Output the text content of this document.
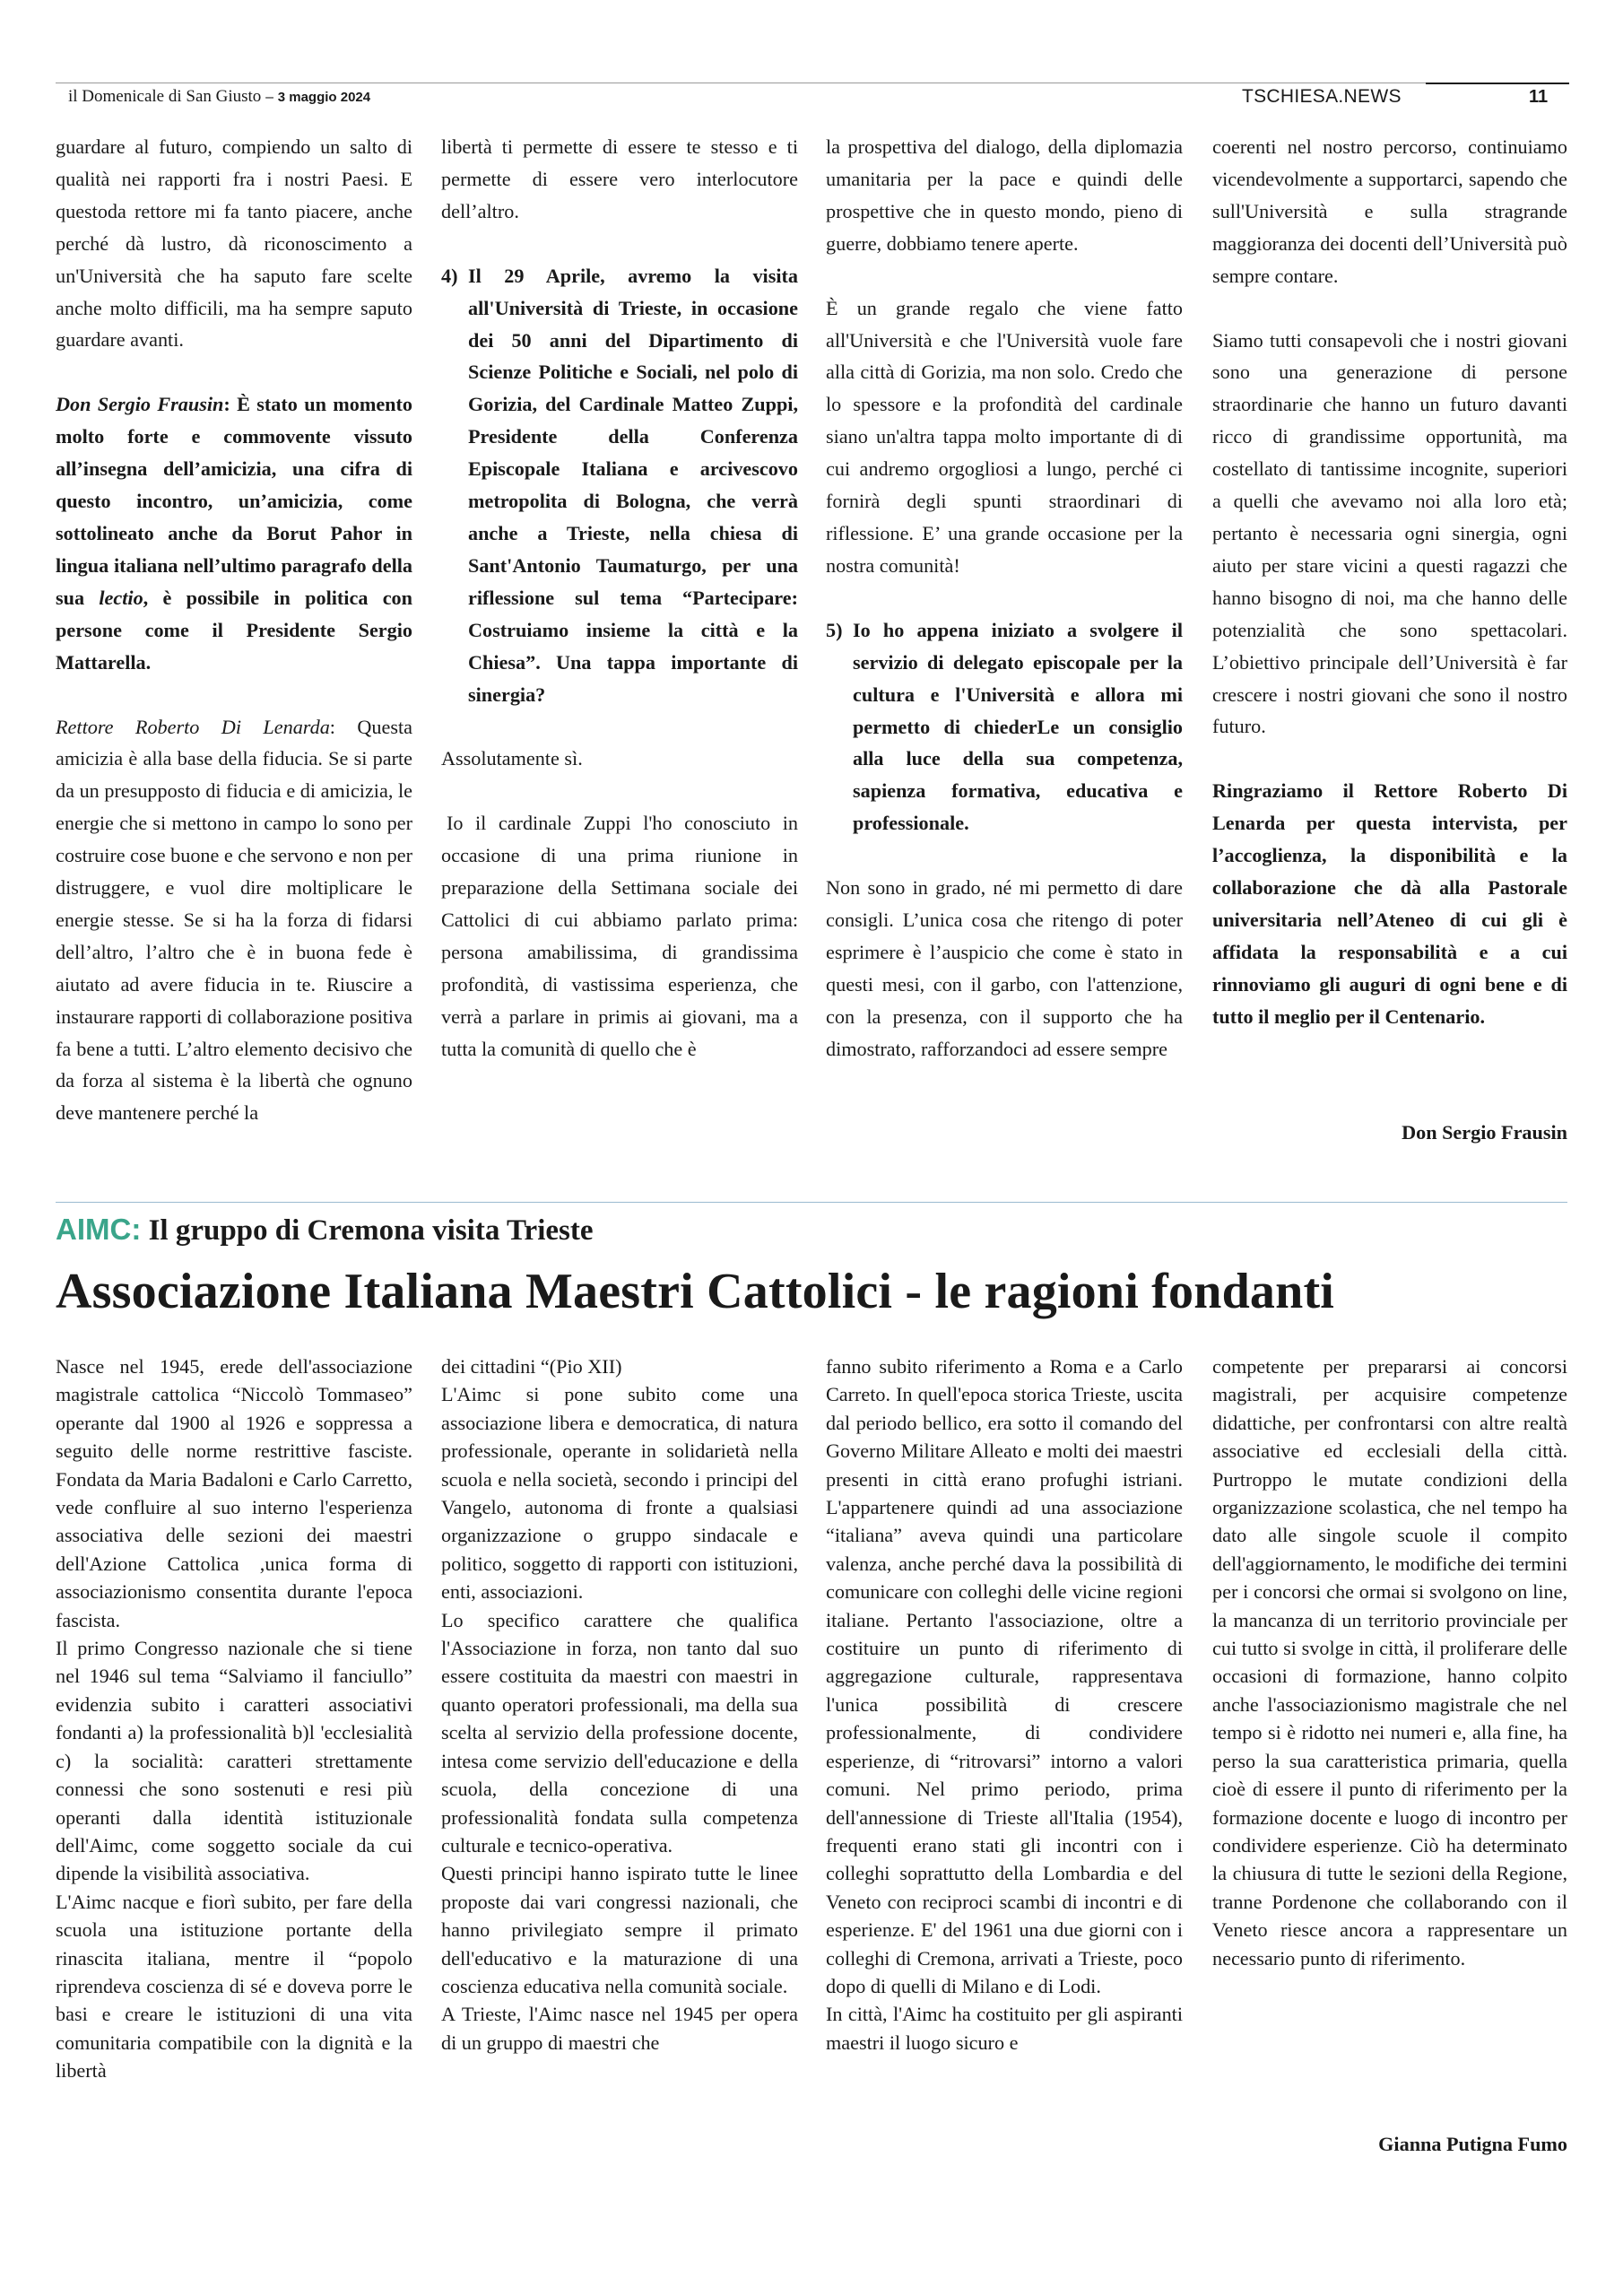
il Domenicale di San Giusto – 3 maggio 2024	TSCHIESA.NEWS	11

guardare al futuro, compiendo un salto di qualità nei rapporti fra i nostri Paesi. E questoda rettore mi fa tanto piacere, anche perché dà lustro, dà riconoscimento a un'Università che ha saputo fare scelte anche molto difficili, ma ha sempre saputo guardare avanti.

Don Sergio Frausin: È stato un momento molto forte e commovente vissuto all’insegna dell’amicizia, una cifra di questo incontro, un’amicizia, come sottolineato anche da Borut Pahor in lingua italiana nell’ultimo paragrafo della sua lectio, è possibile in politica con persone come il Presidente Sergio Mattarella.

Rettore Roberto Di Lenarda: Questa amicizia è alla base della fiducia. Se si parte da un presupposto di fiducia e di amicizia, le energie che si mettono in campo lo sono per costruire cose buone e che servono e non per distruggere, e vuol dire moltiplicare le energie stesse. Se si ha la forza di fidarsi dell’altro, l’altro che è in buona fede è aiutato ad avere fiducia in te. Riuscire a instaurare rapporti di collaborazione positiva fa bene a tutti. L’altro elemento decisivo che da forza al sistema è la libertà che ognuno deve mantenere perché la

libertà ti permette di essere te stesso e ti permette di essere vero interlocutore dell’altro.

4) Il 29 Aprile, avremo la visita all'Università di Trieste, in occasione dei 50 anni del Dipartimento di Scienze Politiche e Sociali, nel polo di Gorizia, del Cardinale Matteo Zuppi, Presidente della Conferenza Episcopale Italiana e arcivescovo metropolita di Bologna, che verrà anche a Trieste, nella chiesa di Sant'Antonio Taumaturgo, per una riflessione sul tema “Partecipare: Costruiamo insieme la città e la Chiesa”. Una tappa importante di sinergia?

Assolutamente sì.

Io il cardinale Zuppi l'ho conosciuto in occasione di una prima riunione in preparazione della Settimana sociale dei Cattolici di cui abbiamo parlato prima: persona amabilissima, di grandissima profondità, di vastissima esperienza, che verrà a parlare in primis ai giovani, ma a tutta la comunità di quello che è

la prospettiva del dialogo, della diplomazia umanitaria per la pace e quindi delle prospettive che in questo mondo, pieno di guerre, dobbiamo tenere aperte.

È un grande regalo che viene fatto all'Università e che l'Università vuole fare alla città di Gorizia, ma non solo. Credo che lo spessore e la profondità del cardinale siano un'altra tappa molto importante di di cui andremo orgogliosi a lungo, perché ci fornirà degli spunti straordinari di riflessione. E’ una grande occasione per la nostra comunità!

5) Io ho appena iniziato a svolgere il servizio di delegato episcopale per la cultura e l'Università e allora mi permetto di chiederLe un consiglio alla luce della sua competenza, sapienza formativa, educativa e professionale.

Non sono in grado, né mi permetto di dare consigli. L’unica cosa che ritengo di poter esprimere è l’auspicio che come è stato in questi mesi, con il garbo, con l'attenzione, con la presenza, con il supporto che ha dimostrato, rafforzandoci ad essere sempre

coerenti nel nostro percorso, continuiamo vicendevolmente a supportarci, sapendo che sull'Università e sulla stragrande maggioranza dei docenti dell’Università può sempre contare.

Siamo tutti consapevoli che i nostri giovani sono una generazione di persone straordinarie che hanno un futuro davanti ricco di grandissime opportunità, ma costellato di tantissime incognite, superiori a quelli che avevamo noi alla loro età; pertanto è necessaria ogni sinergia, ogni aiuto per stare vicini a questi ragazzi che hanno bisogno di noi, ma che hanno delle potenzialità che sono spettacolari. L’obiettivo principale dell’Università è far crescere i nostri giovani che sono il nostro futuro.

Ringraziamo il Rettore Roberto Di Lenarda per questa intervista, per l’accoglienza, la disponibilità e la collaborazione che dà alla Pastorale universitaria nell’Ateneo di cui gli è affidata la responsabilità e a cui rinnoviamo gli auguri di ogni bene e di tutto il meglio per il Centenario.

Don Sergio Frausin
AIMC: Il gruppo di Cremona visita Trieste
Associazione Italiana Maestri Cattolici - le ragioni fondanti

Nasce nel 1945, erede dell'associazione magistrale cattolica “Niccolò Tommaseo” operante dal 1900 al 1926 e soppressa a seguito delle norme restrittive fasciste. Fondata da Maria Badaloni e Carlo Carretto, vede confluire al suo interno l'esperienza associativa delle sezioni dei maestri dell'Azione Cattolica ,unica forma di associazionismo consentita durante l'epoca fascista.

Il primo Congresso nazionale che si tiene nel 1946 sul tema “Salviamo il fanciullo” evidenzia subito i caratteri associativi fondanti a) la professionalità b)l 'ecclesialità c) la socialità: caratteri strettamente connessi che sono sostenuti e resi più operanti dalla identità istituzionale dell'Aimc, come soggetto sociale da cui dipende la visibilità associativa.

L'Aimc nacque e fiorì subito, per fare della scuola una istituzione portante della rinascita italiana, mentre il “popolo riprendeva coscienza di sé e doveva porre le basi e creare le istituzioni di una vita comunitaria compatibile con la dignità e la libertà

dei cittadini “(Pio XII)

L'Aimc si pone subito come una associazione libera e democratica, di natura professionale, operante in solidarietà nella scuola e nella società, secondo i principi del Vangelo, autonoma di fronte a qualsiasi organizzazione o gruppo sindacale e politico, soggetto di rapporti con istituzioni, enti, associazioni.

Lo specifico carattere che qualifica l'Associazione in forza, non tanto dal suo essere costituita da maestri con maestri in quanto operatori professionali, ma della sua scelta al servizio della professione docente, intesa come servizio dell'educazione e della scuola, della concezione di una professionalità fondata sulla competenza culturale e tecnico-operativa.

Questi principi hanno ispirato tutte le linee proposte dai vari congressi nazionali, che hanno privilegiato sempre il primato dell'educativo e la maturazione di una coscienza educativa nella comunità sociale.

A Trieste, l'Aimc nasce nel 1945 per opera di un gruppo di maestri che

fanno subito riferimento a Roma e a Carlo Carreto. In quell'epoca storica Trieste, uscita dal periodo bellico, era sotto il comando del Governo Militare Alleato e molti dei maestri presenti in città erano profughi istriani. L'appartenere quindi ad una associazione “italiana” aveva quindi una particolare valenza, anche perché dava la possibilità di comunicare con colleghi delle vicine regioni italiane. Pertanto l'associazione, oltre a costituire un punto di riferimento di aggregazione culturale, rappresentava l'unica possibilità di crescere professionalmente, di condividere esperienze, di “ritrovarsi” intorno a valori comuni. Nel primo periodo, prima dell'annessione di Trieste all'Italia (1954), frequenti erano stati gli incontri con i colleghi soprattutto della Lombardia e del Veneto con reciproci scambi di incontri e di esperienze. E' del 1961 una due giorni con i colleghi di Cremona, arrivati a Trieste, poco dopo di quelli di Milano e di Lodi.

In città, l'Aimc ha costituito per gli aspiranti maestri il luogo sicuro e

competente per prepararsi ai concorsi magistrali, per acquisire competenze didattiche, per confrontarsi con altre realtà associative ed ecclesiali della città. Purtroppo le mutate condizioni della organizzazione scolastica, che nel tempo ha dato alle singole scuole il compito dell'aggiornamento, le modifiche dei termini per i concorsi che ormai si svolgono on line, la mancanza di un territorio provinciale per cui tutto si svolge in città, il proliferare delle occasioni di formazione, hanno colpito anche l'associazionismo magistrale che nel tempo si è ridotto nei numeri e, alla fine, ha perso la sua caratteristica primaria, quella cioè di essere il punto di riferimento per la formazione docente e luogo di incontro per condividere esperienze. Ciò ha determinato la chiusura di tutte le sezioni della Regione, tranne Pordenone che collaborando con il Veneto riesce ancora a rappresentare un necessario punto di riferimento.

Gianna Putigna Fumo
